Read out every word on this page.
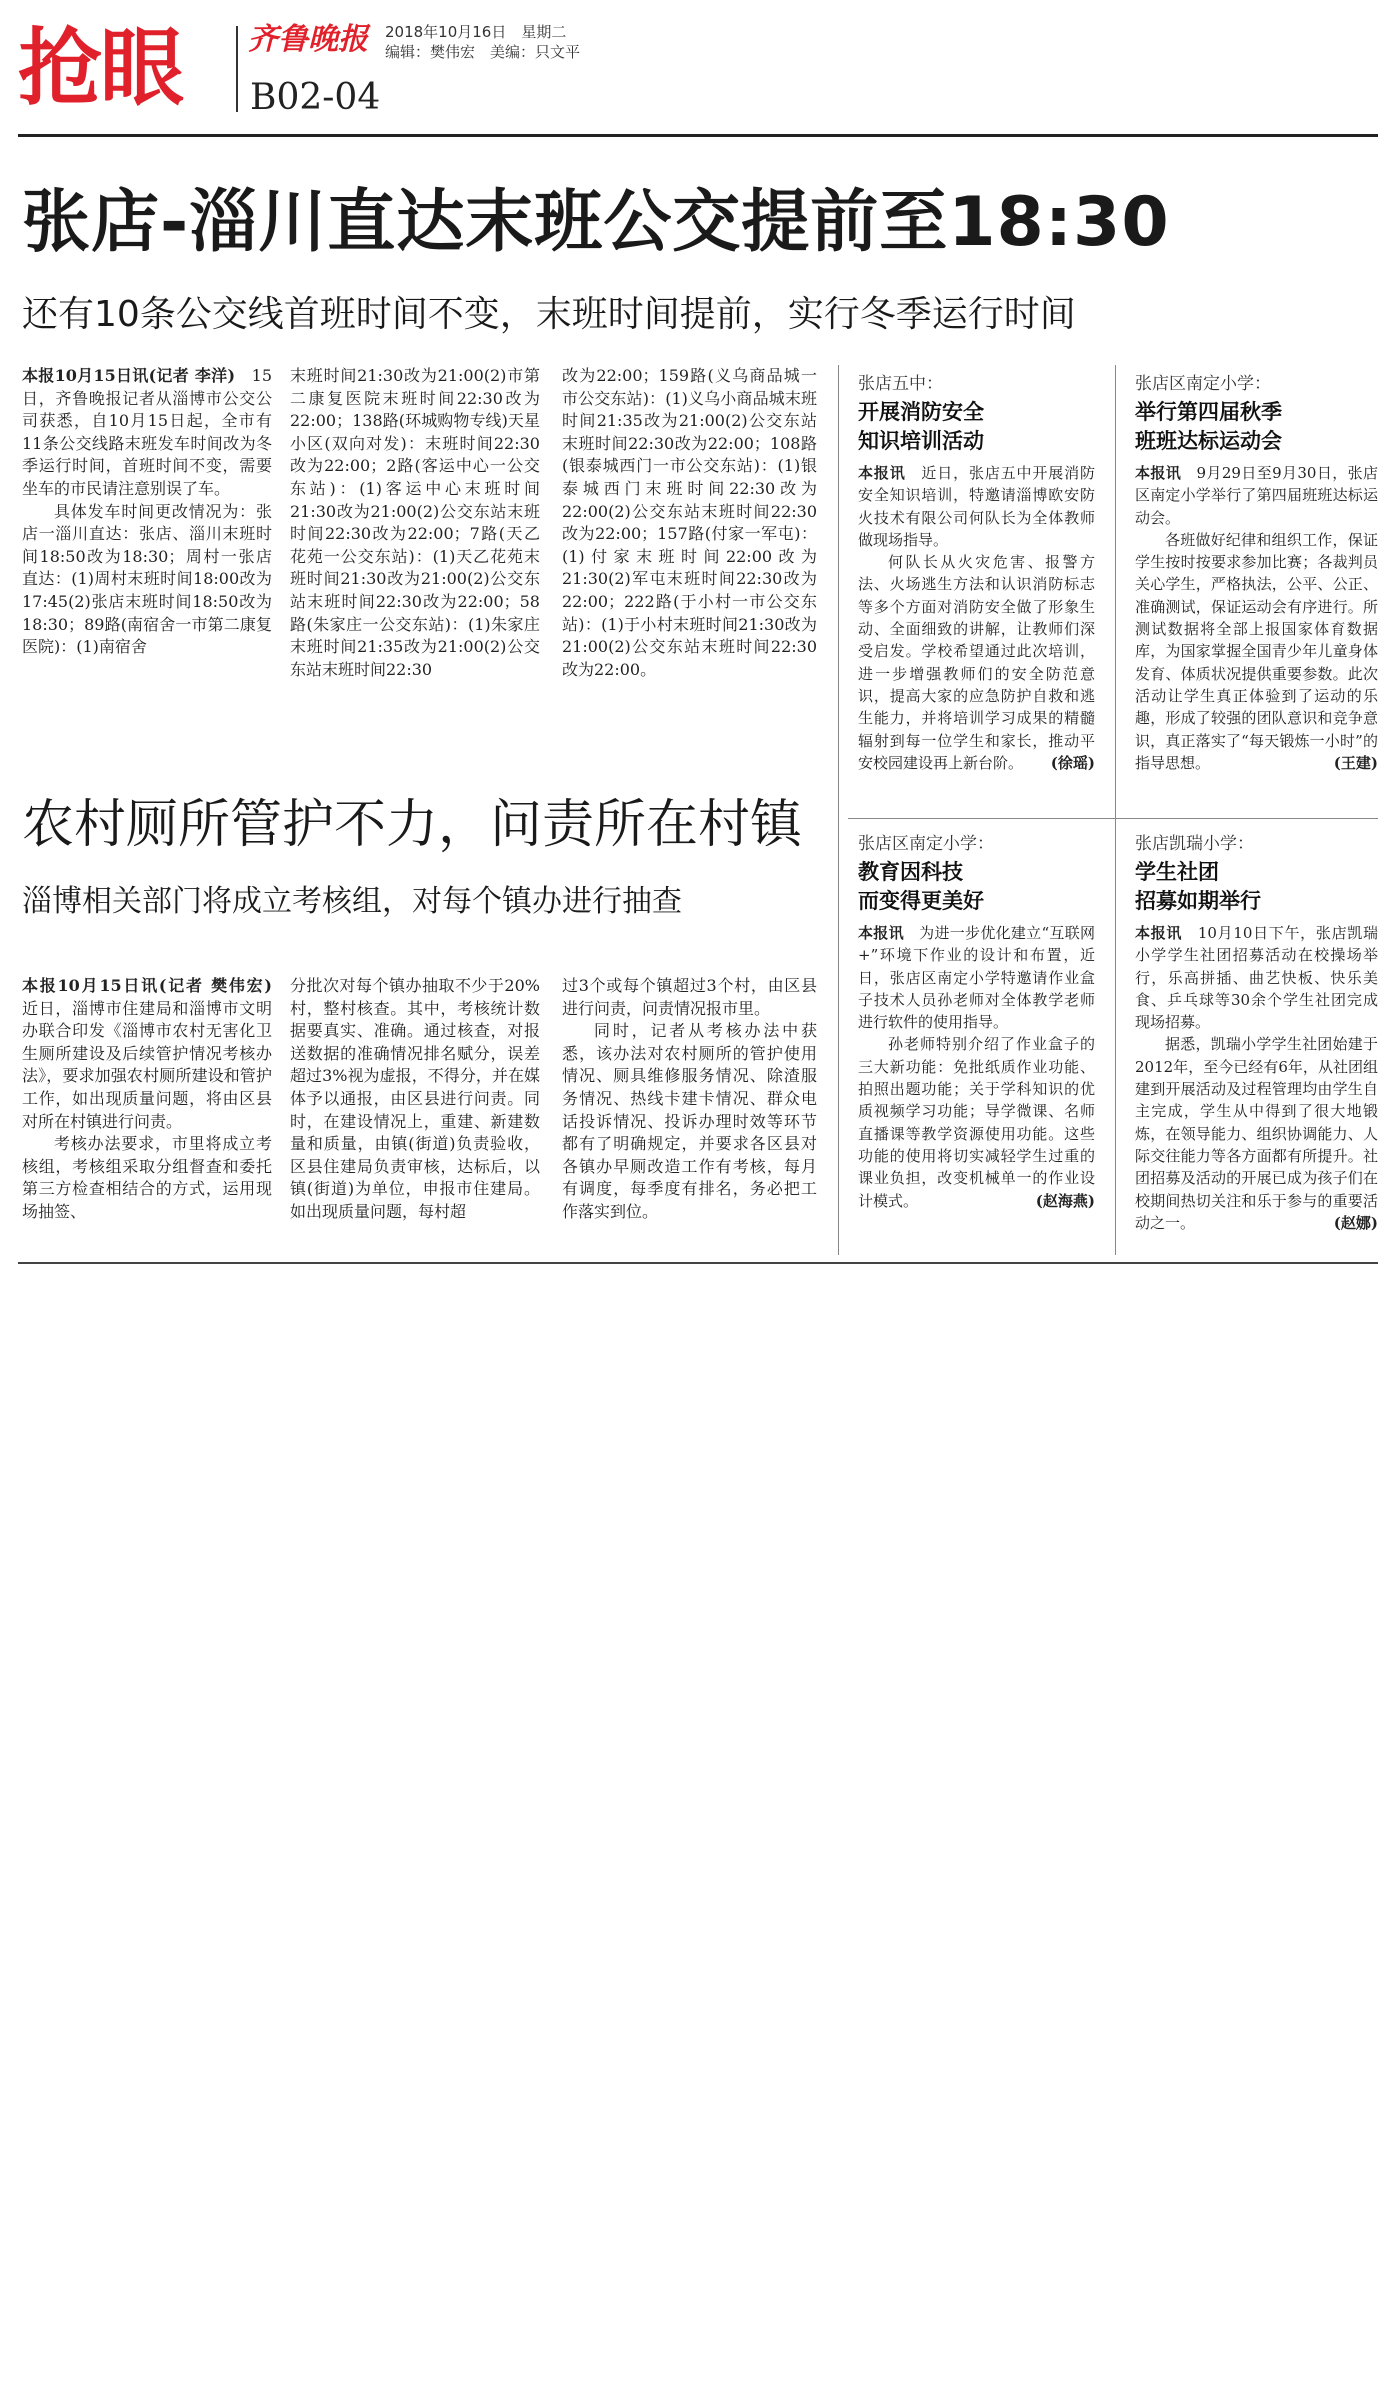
抢眼	齐鲁晚报	2018年10月16日　星期二
编辑：樊伟宏　美编：只文平
B02-04
张店-淄川直达末班公交提前至18:30
还有10条公交线首班时间不变，末班时间提前，实行冬季运行时间

本报10月15日讯(记者 李洋)　 15日，齐鲁晚报记者从淄博市公交公司获悉，自10月15日起，全市有11条公交线路末班发车时间改为冬季运行时间，首班时间不变，需要坐车的市民请注意别误了车。

具体发车时间更改情况为：张店一淄川直达：张店、淄川末班时间18:50改为18:30；周村一张店直达：(1)周村末班时间18:00改为17:45(2)张店末班时间18:50改为18:30；89路(南宿舍一市第二康复医院)：(1)南宿舍

末班时间21:30改为21:00(2)市第二康复医院末班时间22:30改为22:00；138路(环城购物专线)天星小区(双向对发)：末班时间22:30改为22:00；2路(客运中心一公交东站)：(1)客运中心末班时间21:30改为21:00(2)公交东站末班时间22:30改为22:00；7路(天乙花苑一公交东站)：(1)天乙花苑末班时间21:30改为21:00(2)公交东站末班时间22:30改为22:00；58路(朱家庄一公交东站)：(1)朱家庄末班时间21:35改为21:00(2)公交东站末班时间22:30

改为22:00；159路(义乌商品城一市公交东站)：(1)义乌小商品城末班时间21:35改为21:00(2)公交东站末班时间22:30改为22:00；108路(银泰城西门一市公交东站)：(1)银泰城西门末班时间22:30改为22:00(2)公交东站末班时间22:30改为22:00；157路(付家一军屯)：(1)付家末班时间22:00改为21:30(2)军屯末班时间22:30改为22:00；222路(于小村一市公交东站)：(1)于小村末班时间21:30改为21:00(2)公交东站末班时间22:30改为22:00。

农村厕所管护不力，问责所在村镇
淄博相关部门将成立考核组，对每个镇办进行抽查

本报10月15日讯(记者 樊伟宏)　近日，淄博市住建局和淄博市文明办联合印发《淄博市农村无害化卫生厕所建设及后续管护情况考核办法》，要求加强农村厕所建设和管护工作，如出现质量问题，将由区县对所在村镇进行问责。

考核办法要求，市里将成立考核组，考核组采取分组督查和委托第三方检查相结合的方式，运用现场抽签、

分批次对每个镇办抽取不少于20%村，整村核查。其中，考核统计数据要真实、准确。通过核查，对报送数据的准确情况排名赋分，误差超过3%视为虚报，不得分，并在媒体予以通报，由区县进行问责。同时，在建设情况上，重建、新建数量和质量，由镇(街道)负责验收，区县住建局负责审核，达标后，以镇(街道)为单位，申报市住建局。如出现质量问题，每村超

过3个或每个镇超过3个村，由区县进行问责，问责情况报市里。

同时，记者从考核办法中获悉，该办法对农村厕所的管护使用情况、厕具维修服务情况、除渣服务情况、热线卡建卡情况、群众电话投诉情况、投诉办理时效等环节都有了明确规定，并要求各区县对各镇办早厕改造工作有考核，每月有调度，每季度有排名，务必把工作落实到位。

张店五中：
开展消防安全
知识培训活动

本报讯　 近日，张店五中开展消防安全知识培训，特邀请淄博欧安防火技术有限公司何队长为全体教师做现场指导。

何队长从火灾危害、报警方法、火场逃生方法和认识消防标志等多个方面对消防安全做了形象生动、全面细致的讲解，让教师们深受启发。学校希望通过此次培训，进一步增强教师们的安全防范意识，提高大家的应急防护自救和逃生能力，并将培训学习成果的精髓辐射到每一位学生和家长，推动平安校园建设再上新台阶。 (徐瑶)

张店区南定小学：
举行第四届秋季
班班达标运动会

本报讯　 9月29日至9月30日，张店区南定小学举行了第四届班班达标运动会。

各班做好纪律和组织工作，保证学生按时按要求参加比赛；各裁判员关心学生，严格执法，公平、公正、准确测试，保证运动会有序进行。所测试数据将全部上报国家体育数据库，为国家掌握全国青少年儿童身体发育、体质状况提供重要参数。此次活动让学生真正体验到了运动的乐趣，形成了较强的团队意识和竞争意识，真正落实了“每天锻炼一小时”的指导思想。	(王建)

张店区南定小学：
教育因科技
而变得更美好

本报讯　 为进一步优化建立“互联网+”环境下作业的设计和布置，近日，张店区南定小学特邀请作业盒子技术人员孙老师对全体教学老师进行软件的使用指导。

孙老师特别介绍了作业盒子的三大新功能：免批纸质作业功能、拍照出题功能；关于学科知识的优质视频学习功能；导学微课、名师直播课等教学资源使用功能。这些功能的使用将切实减轻学生过重的课业负担，改变机械单一的作业设计模式。	(赵海燕)

张店凯瑞小学：
学生社团
招募如期举行

本报讯　 10月10日下午，张店凯瑞小学学生社团招募活动在校操场举行，乐高拼插、曲艺快板、快乐美食、乒乓球等30余个学生社团完成现场招募。

据悉，凯瑞小学学生社团始建于2012年，至今已经有6年，从社团组建到开展活动及过程管理均由学生自主完成，学生从中得到了很大地锻炼，在领导能力、组织协调能力、人际交往能力等各方面都有所提升。社团招募及活动的开展已成为孩子们在校期间热切关注和乐于参与的重要活动之一。	(赵娜)
